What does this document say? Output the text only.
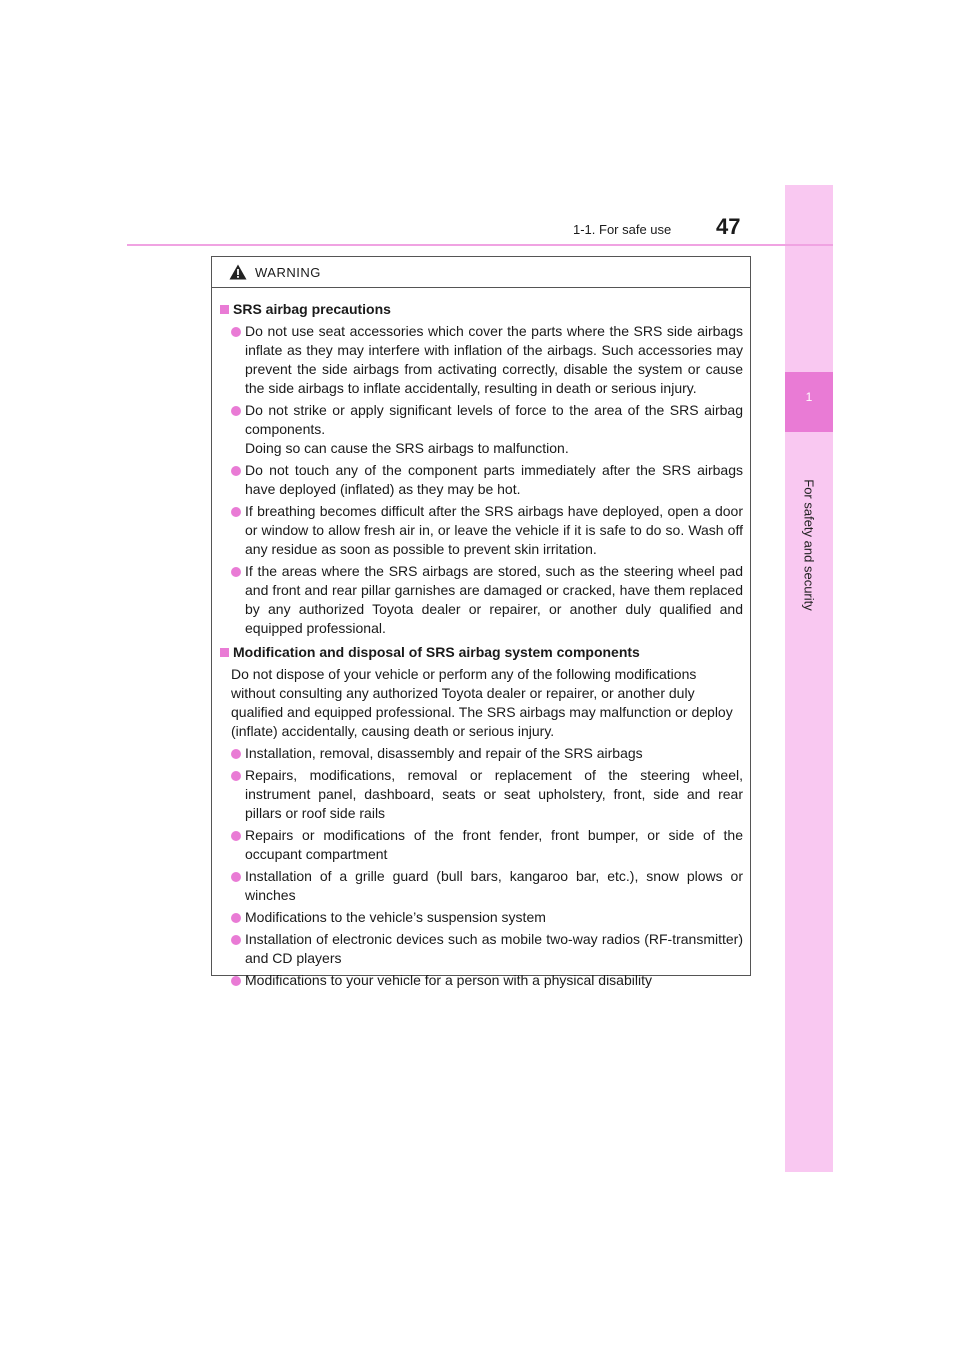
1
For safety and security
1-1. For safe use 47
WARNING
SRS airbag precautions
Do not use seat accessories which cover the parts where the SRS side airbags inflate as they may interfere with inflation of the airbags. Such accessories may prevent the side airbags from activating correctly, disable the system or cause the side airbags to inflate accidentally, resulting in death or serious injury.
Do not strike or apply significant levels of force to the area of the SRS airbag components.
Doing so can cause the SRS airbags to malfunction.
Do not touch any of the component parts immediately after the SRS airbags have deployed (inflated) as they may be hot.
If breathing becomes difficult after the SRS airbags have deployed, open a door or window to allow fresh air in, or leave the vehicle if it is safe to do so. Wash off any residue as soon as possible to prevent skin irritation.
If the areas where the SRS airbags are stored, such as the steering wheel pad and front and rear pillar garnishes are damaged or cracked, have them replaced by any authorized Toyota dealer or repairer, or another duly qualified and equipped professional.
Modification and disposal of SRS airbag system components
Do not dispose of your vehicle or perform any of the following modifications without consulting any authorized Toyota dealer or repairer, or another duly qualified and equipped professional. The SRS airbags may malfunction or deploy (inflate) accidentally, causing death or serious injury.
Installation, removal, disassembly and repair of the SRS airbags
Repairs, modifications, removal or replacement of the steering wheel, instrument panel, dashboard, seats or seat upholstery, front, side and rear pillars or roof side rails
Repairs or modifications of the front fender, front bumper, or side of the occupant compartment
Installation of a grille guard (bull bars, kangaroo bar, etc.), snow plows or winches
Modifications to the vehicle’s suspension system
Installation of electronic devices such as mobile two-way radios (RF-transmitter) and CD players
Modifications to your vehicle for a person with a physical disability
